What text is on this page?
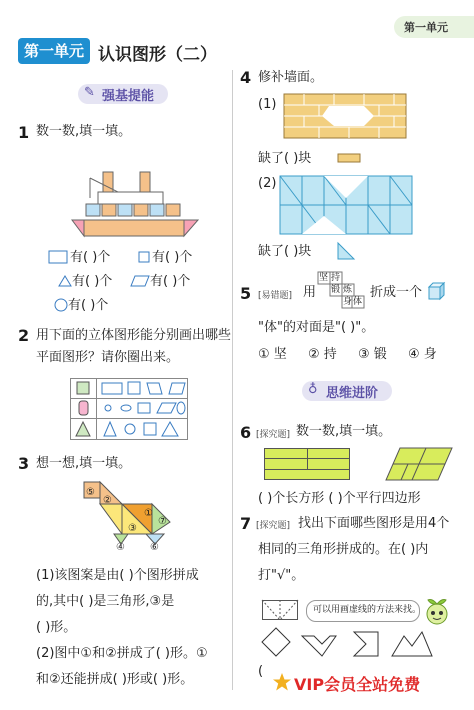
第一单元
第一单元 认识图形（二）
✎ 强基提能
1 数一数,填一填。
有( )个	有( )个
有( )个	有( )个
有( )个
2 用下面的立体图形能分别画出哪些
平面图形？请你圈出来。
3 想一想,填一填。
⑤
②
①
③
⑦
④	⑥
(1)该图案是由( )个图形拼成
的,其中( )是三角形,③是
( )形。
(2)图中①和②拼成了( )形。①
和②还能拼成( )形或( )形。
4 修补墙面。
(1)
缺了( )块
(2)
缺了( )块
5 [易错题] 用
坚 持
锻 炼
身 体
折成一个
"体"的对面是"( )"。
① 坚 ② 持 ③ 锻 ④ 身
♁ 思维进阶
6 [探究题] 数一数,填一填。
( )个长方形 ( )个平行四边形
7 [探究题] 找出下面哪些图形是用4个
相同的三角形拼成的。在( )内
打"√"。
可以用画虚线的方法来找。
(
VIP会员全站免费
